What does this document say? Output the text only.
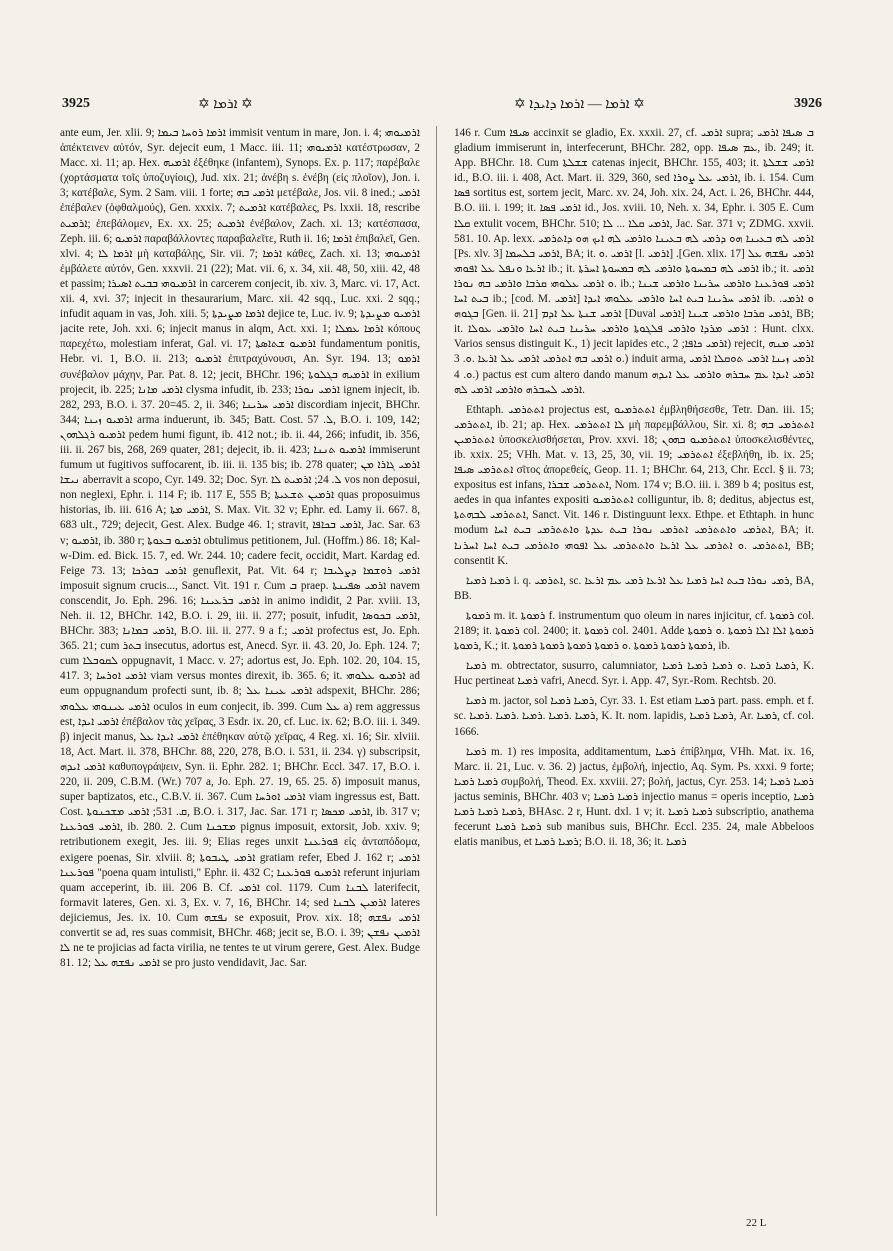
3925	✡ ܐܪܡܐ ✡	✡ ܐܪܡܐ — ܐܪܡܐ ܕܐܝܕܐ ✡	3926

ante eum, Jer. xlii. 9; ܐܪܡܐ ܪܘܚܐ ܒܝܡܐ immisit ventum in mare, Jon. i. 4; ܐܪܡܝܘܗܝ ἀπέκτεινεν αὐτόν, Syr. dejecit eum, 1 Macc. iii. 11; ܐܪܡܝܘܗܝ κατέστρωσαν, 2 Macc. xi. 11; ap. Hex. ܐܪܡܝܗ ἐξέθηκε (infantem), Synops. Ex. p. 117; παρέβαλε (χορτάσματα τοῖς ὑποζυγίοις), Jud. xix. 21; ἀνέβη s. ἐνέβη (εἰς πλοῖον), Jon. i. 3; κατέβαλε, Sym. 2 Sam. viii. 1 forte; ܐܪܡܝ ܒܗ μετέβαλε, Jos. vii. 8 ined.; ܐܪܡܝ ἐπέβαλεν (ὀφθαλμούς), Gen. xxxix. 7; ܐܪܡܝܬ κατέβαλες, Ps. lxxii. 18, rescribe ܐܪܡܝܬ; ἐπεβάλομεν, Ex. xx. 25; ܐܪܡܝܬ ἐνέβαλον, Zach. xi. 13; κατέσπασα, Zeph. iii. 6; ܐܪܡܝܘ παραβάλλοντες παραβαλεῖτε, Ruth ii. 16; ܐܪܡܐ ἐπιβαλεῖ, Gen. xlvi. 4; ܐܪܡܐ ܠܐ μὴ καταβάλῃς, Sir. vii. 7; ܐܪܡܐ κάθες, Zach. xi. 13; ܐܪܡܝܘܗܝ ἐμβάλετε αὐτόν, Gen. xxxvii. 21 (22); Mat. vii. 6, x. 34, xii. 48, 50, xiii. 42, 48 et passim; ܐܪܡܝܘܗܝ ܒܒܝܬ ܐܣܝܪܐ in carcerem conjecit, ib. xiv. 3, Marc. vi. 17, Act. xii. 4, xvi. 37; injecit in thesaurarium, Marc. xii. 42 sqq., Luc. xxi. 2 sqq.; infudit aquam in vas, Joh. xiii. 5; ܐܪܡܐ ܡܨܝܕܬܐ dejice te, Luc. iv. 9; ܐܪܡܝܘ ܡܨܝܕܬܐ jacite rete, Joh. xxi. 6; injecit manus in alqm, Act. xxi. 1; ܐܪܡܐ ܥܡܠܐ κόπους παρεχέτω, molestiam inferat, Gal. vi. 17; ܐܪܡܝܘ ܫܬܐܣܬܐ fundamentum ponitis, Hebr. vi. 1, B.O. ii. 213; ܐܪܡܝܘ ἐπιτραχύνουσι, An. Syr. 194. 13; ܐܪܡܘ συνέβαλον μάχην, Par. Pat. 8. 12; jecit, BHChr. 196; ܐܪܡܝܗ ܒܓܠܘܬܐ in exilium projecit, ib. 225; ܐܪܡܝ ܡܐܢܐ clysma infudit, ib. 233; ܐܪܡܝ ܢܘܪܐ ignem injecit, ib. 282, 293, B.O. i. 37. 20=45. 2, ii. 346; ܐܪܡܝ ܚܪܝܢܐ discordiam injecit, BHChr. 344; ܐܪܡܝܘ ܙܝܢܐ arma induerunt, ib. 345; Batt. Cost. ܠ. 57, B.O. i. 109, 142; ܐܪܡܝܘ ܪܓܠܗܘܢ pedem humi figunt, ib. 412 not.; ib. ii. 44, 266; infudit, ib. 356, iii. ii. 267 bis, 268, 269 quater, 281; dejecit, ib. ii. 423; ܐܪܡܝܘ ܬܢܢܐ immiserunt fumum ut fugitivos suffocarent, ib. iii. ii. 135 bis; ib. 278 quater; ܐܪܡܝ ܓܐܪܐ ܡܢ ܢܝܫܐ aberravit a scopo, Cyr. 149. 32; Doc. Syr. ܠ. 24; ܐܪܡܝܬ ܠܐ vos non deposui, non neglexi, Ephr. i. 114 F; ib. 117 E, 555 B; ܐܪܡܝܢ ܬܫܥܝܬܐ quas proposuimus historias, ib. iii. 616 A; ܐܪܡܝ ܡܬܐ, S. Max. Vit. 32 v; Ephr. ed. Lamy ii. 667. 8, 683 ult., 729; dejecit, Gest. Alex. Budge 46. 1; stravit, ܐܪܡܝ ܒܟܐܦܐ, Jac. Sar. 63 v; ܐܪܡܝܘ, ib. 380 r; ܐܪܡܝܘ ܒܥܘܬܐ obtulimus petitionem, Jul. (Hoffm.) 86. 18; Kal-w-Dim. ed. Bick. 15. 7, ed. Wr. 244. 10; cadere fecit, occidit, Mart. Kardag ed. Feige 73. 13; ܐܪܡܝ ܒܘܪܟܐ genuflexit, Pat. Vit. 64 r; ܐܪܡܝ ܪܘܫܡܐ ܕܨܠܝܒܐ imposuit signum crucis..., Sanct. Vit. 191 r. Cum ܒ praep. ܐܪܡܝ ܣܦܝܢܬܐ navem conscendit, Jo. Eph. 296. 16; ܐܪܡܝ ܒܪܥܝܢܐ in animo indidit, 2 Par. xviii. 13, Neh. ii. 12, BHChr. 142, B.O. i. 29, iii. ii. 277; posuit, infudit, ܐܪܡܝ ܒܟܘܣܐ, BHChr. 383; ܐܪܡܝ ܒܡܐܢܐ, B.O. iii. ii. 277. 9 a f.; ܐܪܡܝ profectus est, Jo. Eph. 365. 21; cum ܒܬܪ insecutus, adortus est, Anecd. Syr. ii. 43. 20, Jo. Eph. 124. 7; cum ܠܩܘܒܠܐ oppugnavit, 1 Macc. v. 27; adortus est, Jo. Eph. 102. 20, 104. 15, 417. 3; ܐܪܡܝ ܐܘܪܚܐ viam versus montes direxit, ib. 365. 6; it. ܐܪܡܝܘ ܥܠܘܗܝ ad eum oppugnandum profecti sunt, ib. 8; ܐܪܡܝ ܥܝܢܐ ܥܠ adspexit, BHChr. 286; ܐܪܡܝ ܥܝܢܘܗܝ ܥܠܘܗܝ oculos in eum conjecit, ib. 399. Cum ܥܠ a) rem aggressus est, ܐܪܡܝ ܐܝܕܐ ἐπέβαλον τὰς χεῖρας, 3 Esdr. ix. 20, cf. Luc. ix. 62; B.O. iii. i. 349. β) injecit manus, ܐܪܡܝ ܐܝܕܐ ܥܠ ἐπέθηκαν αὐτῷ χεῖρας, 4 Reg. xi. 16; Sir. xlviii. 18, Act. Mart. ii. 378, BHChr. 88, 220, 278, B.O. i. 531, ii. 234. γ) subscripsit, ܐܪܡܝ ܐܝܕܗ καθυπογράψειν, Syn. ii. Ephr. 282. 1; BHChr. Eccl. 347. 17, B.O. i. 220, ii. 209, C.B.M. (Wr.) 707 a, Jo. Eph. 27. 19, 65. 25. δ) imposuit manus, super baptizatos, etc., C.B.V. ii. 367. Cum ܐܪܡܝ ܐܘܪܚܐ viam ingressus est, Batt. Cost. ܩ. 531; ܐܪܡܝ ܡܫܟܢܘܬܐ, B.O. i. 317, Jac. Sar. 171 r; ܐܪܡܝ ܡܟܣܐ, ib. 317 v; ܐܪܡܝ ܦܘܪܥܢܐ, ib. 280. 2. Cum ܡܫܟܢܐ pignus imposuit, extorsit, Job. xxiv. 9; retributionem exegit, Jes. iii. 9; Elias reges unxit ܦܘܪܥܢܐ εἰς ἀνταπόδομα, exigere poenas, Sir. xlviii. 8; ܐܪܡܝ ܛܝܒܘܬܐ gratiam refer, Ebed J. 162 r; ܐܪܡܝ ܦܘܪܥܢܐ "poena quam intulisti," Ephr. ii. 432 C; ܐܪܡܝܘ ܦܘܪܥܢܐ referunt injuriam quam acceperint, ib. iii. 206 B. Cf. ܐܪܡܝ col. 1179. Cum ܠܒܢܐ laterifecit, formavit lateres, Gen. xi. 3, Ex. v. 7, 16, BHChr. 14; sed ܐܪܡܝܢ ܠܒܢܐ lateres dejiciemus, Jes. ix. 10. Cum ܢܦܫܗ se exposuit, Prov. xix. 18; ܐܪܡܝ ܢܦܫܗ convertit se ad, res suas commisit, BHChr. 468; jecit se, B.O. i. 39; ܐܪܡܝܢ ܢܦܫܢ ܠܐ ne te projicias ad facta virilia, ne tentes te ut virum gerere, Gest. Alex. Budge 81. 12; ܐܪܡܝ ܢܦܫܗ ܥܠ se pro justo vendidavit, Jac. Sar.

146 r. Cum ܣܝܦܐ accinxit se gladio, Ex. xxxii. 27, cf. ܐܪܡܝ supra; ܒ ܣܝܦܐ ܐܪܡܝ gladium immiserunt in, interfecerunt, BHChr. 282, opp. ܥܡ ܣܝܦܐ, ib. 249; it. App. BHChr. 18. Cum ܫܫܠܬܐ catenas injecit, BHChr. 155, 403; it. ܐܪܡܝ ܫܫܠܬܐ id., B.O. iii. i. 408, Act. Mart. ii. 329, 360, sed ܐܪܡܝ ܥܠ ܨܘܪܐ, ib. i. 154. Cum ܦܣܐ sortitus est, sortem jecit, Marc. xv. 24, Joh. xix. 24, Act. i. 26, BHChr. 444, B.O. iii. i. 199; it. ܐܪܡܝ ܦܣܐ id., Jos. xviii. 10, Neh. x. 34, Ephr. i. 305 E. Cum ܩܠܐ extulit vocem, BHChr. 510; ܐܪܡܝ ܩܠܐ ... ܠܐ, Jac. Sar. 371 v; ZDMG. xxvii. 581. 10. Ap. lexx. ܐܪܡܝ ܠܗ ܒܥܝܢܐ ܗܘ ܕܪܡܝ ܠܗ ܒܥܝܢܐ ܘܐܪܡܝ ܠܗ ܐܝܟ ܗܘ ܕܐܬܪܡܝ [Ps. xlv. 3] ܐܪܡܝ ܒܠܚܡܐ, BA; it. ܐܪܡܝ .ܘ [l. ܐܪܡܝ] .[Gen. xlix. 17] ܐܪܡܝ ܢܦܫܗ ܥܠ ܐܪܥܐ ܘܢܦܠ ܥܠ ܐܦܘܗܝ ib.; it. ܐܪܡܝ ܠܗ ܒܡܚܘܬܐ ܘܐܪܡܝ ܠܗ ܒܡܚܘܬܐ ܐܚܪܬܐ ib.; it. ܐܪܡܝ .ܘ ܐܪܡܝ ܥܠܘܗܝ ܩܪܒܐ ܘܐܪܡܝ ܒܗ ܢܘܪܐ ib.; ܐܪܡܝ ܦܘܪܥܢܐ ܘܐܪܡܝ ܚܪܝܢܐ ܘܐܪܡܝ ܫܝܢܐ ܒܝܬ ܐܚܐ ib.; [cod. M. ܐܪܡܝ] ܐܪܡܝ ܚܪܝܢܐ ܒܝܬ ܐܚܐ ܘܐܪܡܝ ܥܠܘܗܝ ܐܝܕܐ ib. .ܘ ܐܪܡܝ ܒܓܘܗ [Gen. ii. 21] ܐܪܡܝ ܫܢܬܐ ܥܠ ܐܕܡ [Duval ܐܪܡܝ] ܐܪܡܝ ܩܪܒܐ ܘܐܪܡܝ ܫܝܢܐ, BB; it. ܐܪܡܝ ܡܪܕܐ ܘܐܪܡܝ ܦܠܓܘܬܐ ܘܐܪܡܝ ܚܪܝܢܐ ܒܝܬ ܐܚܐ ܘܐܪܡܝ ܥܘܠܐ : Hunt. clxx. Varios sensus distinguit K., 1) jecit lapides etc., ܐܪܡܝ ܟܐܦܐ; 2) rejecit, ܐܪܡܝ ܡܢܗ .ܘ ܐܪܡܝ ܒܗ ܐܬܪܡܝ ܐܪܡܝ ܥܠ ܐܪܥܐ .ܘ. 3) induit arma, ܐܪܡܝ ܙܝܢܐ ܐܪܡܝ ܬܘܩܠܐ ܐܪܡܝ .ܘ. 4) pactus est cum altero dando manum ܐܪܡܝ ܐܝܕܐ ܥܡ ܚܒܪܗ ܘܐܪܡܝ ܥܠ ܐܝܕܗ ܐܪܡܝ ܠܚܒܪܗ ܘܐܪܡܝ ܐܪܡܝ ܠܗ.

Ethtaph. ܐܬܬܪܡܝ projectus est, ܐܬܬܪܡܝܘ ἐμβληθήσεσθε, Tetr. Dan. iii. 15; ܐܬܬܪܡܝ, ib. 21; ap. Hex. ܠܐ ܐܬܬܪܡܝ μὴ παρεμβάλλου, Sir. xi. 8; ܐܬܬܪܡܝ ܒܗ ܐܬܬܪܡܝܢ ὑποσκελισθήσεται, Prov. xxvi. 18; ܐܬܬܪܡܝܘ ܒܗܘܢ ὑποσκελισθέντες, ib. xxix. 25; VHh. Mat. v. 13, 25, 30, vii. 19; ܐܬܬܪܡܝ ἐξεβλήθη, ib. ix. 25; ܐܬܬܪܡܝ ܣܝܦܐ σῖτος ἀπορεθείς, Geop. 11. 1; BHChr. 64, 213, Chr. Eccl. § ii. 73; expositus est infans, ܐܬܬܪܡܝ ܫܒܪܐ, Nom. 174 v; B.O. iii. i. 389 b 4; positus est, aedes in qua infantes expositi ܐܬܬܪܡܝܘ colliguntur, ib. 8; deditus, abjectus est, ܐܬܬܪܡܝ ܠܒܗܬܬܐ, Sanct. Vit. 146 r. Distinguunt lexx. Ethpe. et Ethtaph. in hunc modum ܐܬܪܡܝ ܘܐܬܬܪܡܝ ܐܬܪܡܝ ܢܘܪܐ ܒܝܬ ܥܕܬܐ ܘܐܬܬܪܡܝ ܒܝܬ ܐܚܐ, BA; it. ܐܬܬܪܡܝ .ܘ ܐܬܪܡܝ ܥܠ ܐܪܥܐ ܘܐܬܬܪܡܝ ܥܠ ܐܦܘܗܝ ܘܐܬܪܡܝ ܒܝܬ ܐܚܐ ܐܚܪܢܐ, BB; consentit K.

ܪܡܝܐ ܪܡܝܐ i. q. ܐܬܪܡܝ, sc. ܪܡܝ ܢܘܪܐ ܒܝܬ ܐܚܐ ܪܡܝܐ ܥܠ ܐܪܥܐ ܪܡܝ ܥܡ ܐܪܥܐ, BA, BB.

ܪܡܘܬܐ m. it. ܪܡܘܬܐ f. instrumentum quo oleum in nares injicitur, cf. ܪܡܘܬܐ col. 2189; it. ܪܡܘܬܐ col. 2400; it. ܪܡܘܬܐ col. 2401. Adde ܪܡܘܬܐ ܐܠܐ ܐܠܐ ܪܡܘܬܐ .ܘ ܪܡܘܬܐ ܪܡܘܬܐ, K.; it. ܪܡܘܬܐ ܪܡܘܬܐ ܪܡܘܬܐ .ܘ ܪܡܘܬܐ ܪܡܘܬܐ ܪܡܘܬܐ ܪܡܘܬܐ, ib.

ܪܡܝܐ m. obtrectator, susurro, calumniator, ܪܡܝܐ ܪܡܝܐ .ܘ ܪܡܝܐ ܪܡܝܐ ܪܡܝܐ, K. Huc pertineat ܪܡܝܐ vafri, Anecd. Syr. i. App. 47, Syr.-Rom. Rechtsb. 20.

ܪܡܝܐ m. jactor, sol ܪܡܝܐ ܪܡܝܐ, Cyr. 33. 1. Est etiam ܪܡܝܐ part. pass. emph. et f. sc. ܪܡܝܐ .ܪܡܝܐ .ܪܡܝܐ .ܪܡܝܐ .ܪܡܝܐ, K. It. nom. lapidis, ܪܡܝܐ ܪܡܝܐ, Ar. ܪܡܝܐ, cf. col. 1666.

ܪܡܝܐ m. 1) res imposita, additamentum, ܪܡܝܐ ἐπίβλημα, VHh. Mat. ix. 16, Marc. ii. 21, Luc. v. 36. 2) jactus, ἐμβολή, injectio, Aq. Sym. Ps. xxxi. 9 forte; ܪܡܝܐ ܪܡܝܐ συμβολή, Theod. Ex. xxviii. 27; βολή, jactus, Cyr. 253. 14; ܪܡܝܐ ܪܡܝܐ jactus seminis, BHChr. 403 v; ܪܡܝܐ ܪܡܝܐ injectio manus = operis inceptio, ܪܡܝܐ ܪܡܝܐ ܪܡܝܐ ܪܡܝܐ, BHAsc. 2 r, Hunt. dxl. 1 v; it. ܪܡܝܐ ܪܡܝܐ subscriptio, anathema fecerunt ܪܡܝܐ ܪܡܝܐ sub manibus suis, BHChr. Eccl. 235. 24, male Abbeloos elatis manibus, et ܪܡܝܐ ܪܡܝܐ; B.O. ii. 18, 36; it. ܪܡܝܐ

22 L
